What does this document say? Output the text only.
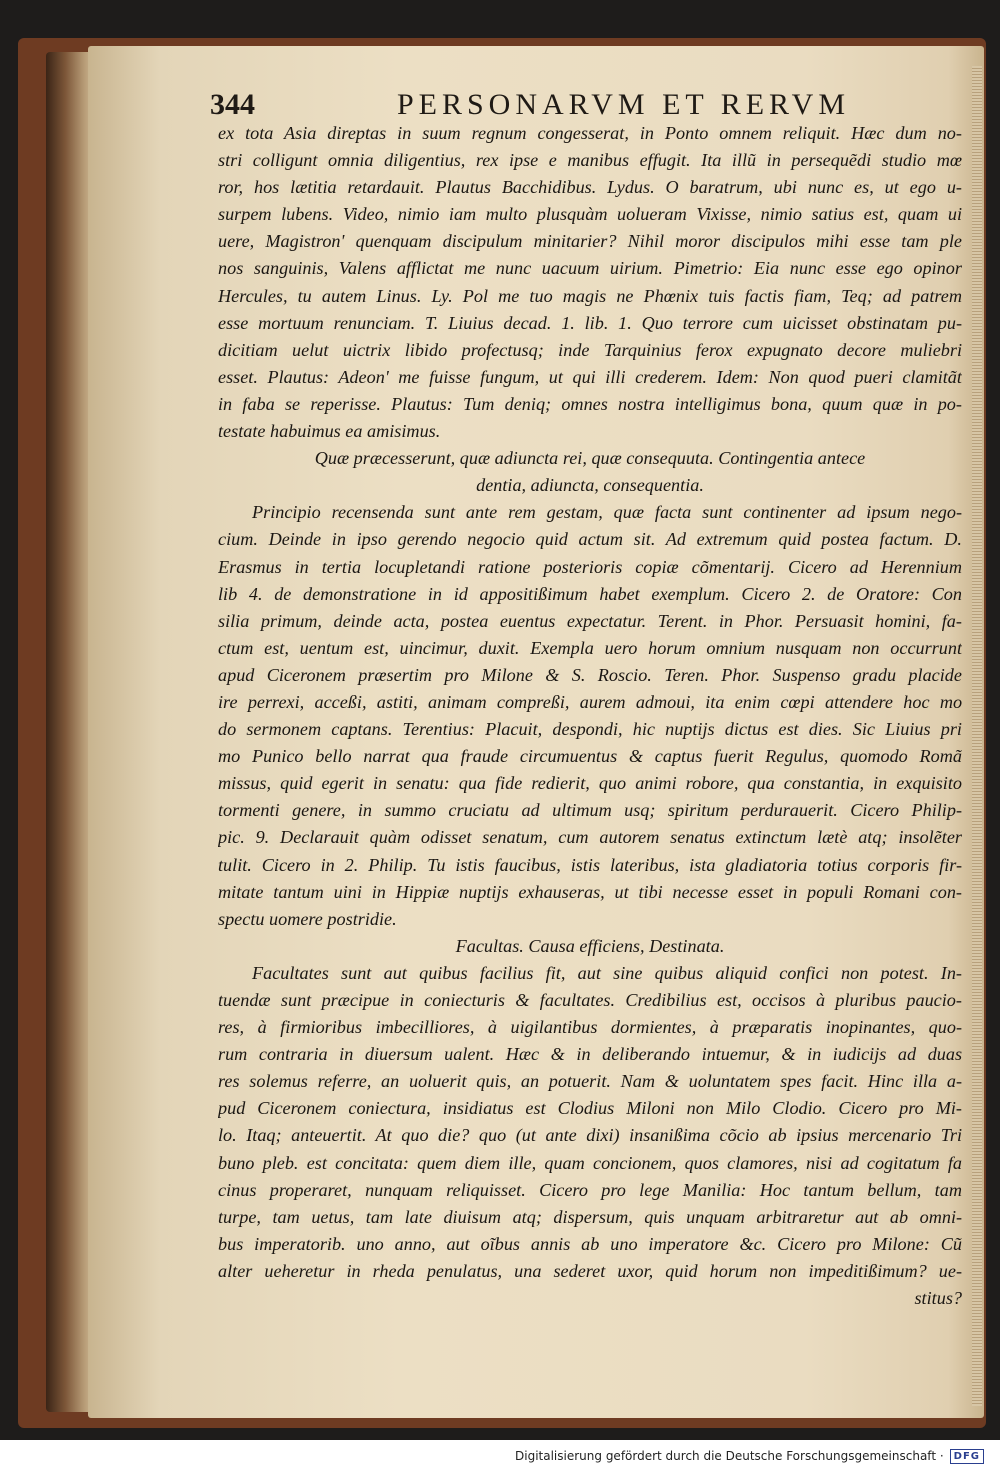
344	PERSONARVM ET RERVM
ex tota Asia direptas in suum regnum congesserat, in Ponto omnem reliquit. Hæc dum no-
stri colligunt omnia diligentius, rex ipse e manibus effugit. Ita illũ in persequẽdi studio mœ
ror, hos lætitia retardauit. Plautus Bacchidibus. Lydus. O baratrum, ubi nunc es, ut ego u-
surpem lubens. Video, nimio iam multo plusquàm uolueram Vixisse, nimio satius est, quam ui
uere, Magistron' quenquam discipulum minitarier? Nihil moror discipulos mihi esse tam ple
nos sanguinis, Valens afflictat me nunc uacuum uirium. Pimetrio: Eia nunc esse ego opinor
Hercules, tu autem Linus. Ly. Pol me tuo magis ne Phœnix tuis factis fiam, Teq; ad patrem
esse mortuum renunciam. T. Liuius decad. 1. lib. 1. Quo terrore cum uicisset obstinatam pu-
dicitiam uelut uictrix libido profectusq; inde Tarquinius ferox expugnato decore muliebri
esset. Plautus: Adeon' me fuisse fungum, ut qui illi crederem. Idem: Non quod pueri clamitãt
in faba se reperisse. Plautus: Tum deniq; omnes nostra intelligimus bona, quum quæ in po-
testate habuimus ea amisimus.
Quæ præcesserunt, quæ adiuncta rei, quæ consequuta. Contingentia antece
dentia, adiuncta, consequentia.
Principio recensenda sunt ante rem gestam, quæ facta sunt continenter ad ipsum nego-
cium. Deinde in ipso gerendo negocio quid actum sit. Ad extremum quid postea factum. D.
Erasmus in tertia locupletandi ratione posterioris copiæ cõmentarij. Cicero ad Herennium
lib 4. de demonstratione in id appositißimum habet exemplum. Cicero 2. de Oratore: Con
silia primum, deinde acta, postea euentus expectatur. Terent. in Phor. Persuasit homini, fa-
ctum est, uentum est, uincimur, duxit. Exempla uero horum omnium nusquam non occurrunt
apud Ciceronem præsertim pro Milone & S. Roscio. Teren. Phor. Suspenso gradu placide
ire perrexi, acceßi, astiti, animam compreßi, aurem admoui, ita enim cœpi attendere hoc mo
do sermonem captans. Terentius: Placuit, despondi, hic nuptijs dictus est dies. Sic Liuius pri
mo Punico bello narrat qua fraude circumuentus & captus fuerit Regulus, quomodo Romã
missus, quid egerit in senatu: qua fide redierit, quo animi robore, qua constantia, in exquisito
tormenti genere, in summo cruciatu ad ultimum usq; spiritum perdurauerit. Cicero Philip-
pic. 9. Declarauit quàm odisset senatum, cum autorem senatus extinctum lætè atq; insolẽter
tulit. Cicero in 2. Philip. Tu istis faucibus, istis lateribus, ista gladiatoria totius corporis fir-
mitate tantum uini in Hippiæ nuptijs exhauseras, ut tibi necesse esset in populi Romani con-
spectu uomere postridie.
Facultas. Causa efficiens, Destinata.
Facultates sunt aut quibus facilius fit, aut sine quibus aliquid confici non potest. In-
tuendæ sunt præcipue in coniecturis & facultates. Credibilius est, occisos à pluribus paucio-
res, à firmioribus imbecilliores, à uigilantibus dormientes, à præparatis inopinantes, quo-
rum contraria in diuersum ualent. Hæc & in deliberando intuemur, & in iudicijs ad duas
res solemus referre, an uoluerit quis, an potuerit. Nam & uoluntatem spes facit. Hinc illa a-
pud Ciceronem coniectura, insidiatus est Clodius Miloni non Milo Clodio. Cicero pro Mi-
lo. Itaq; anteuertit. At quo die? quo (ut ante dixi) insanißima cõcio ab ipsius mercenario Tri
buno pleb. est concitata: quem diem ille, quam concionem, quos clamores, nisi ad cogitatum fa
cinus properaret, nunquam reliquisset. Cicero pro lege Manilia: Hoc tantum bellum, tam
turpe, tam uetus, tam late diuisum atq; dispersum, quis unquam arbitraretur aut ab omni-
bus imperatorib. uno anno, aut oĩbus annis ab uno imperatore &c. Cicero pro Milone: Cũ
alter ueheretur in rheda penulatus, una sederet uxor, quid horum non impeditißimum? ue-
stitus?
Digitalisierung gefördert durch die Deutsche Forschungsgemeinschaft ·	DFG
